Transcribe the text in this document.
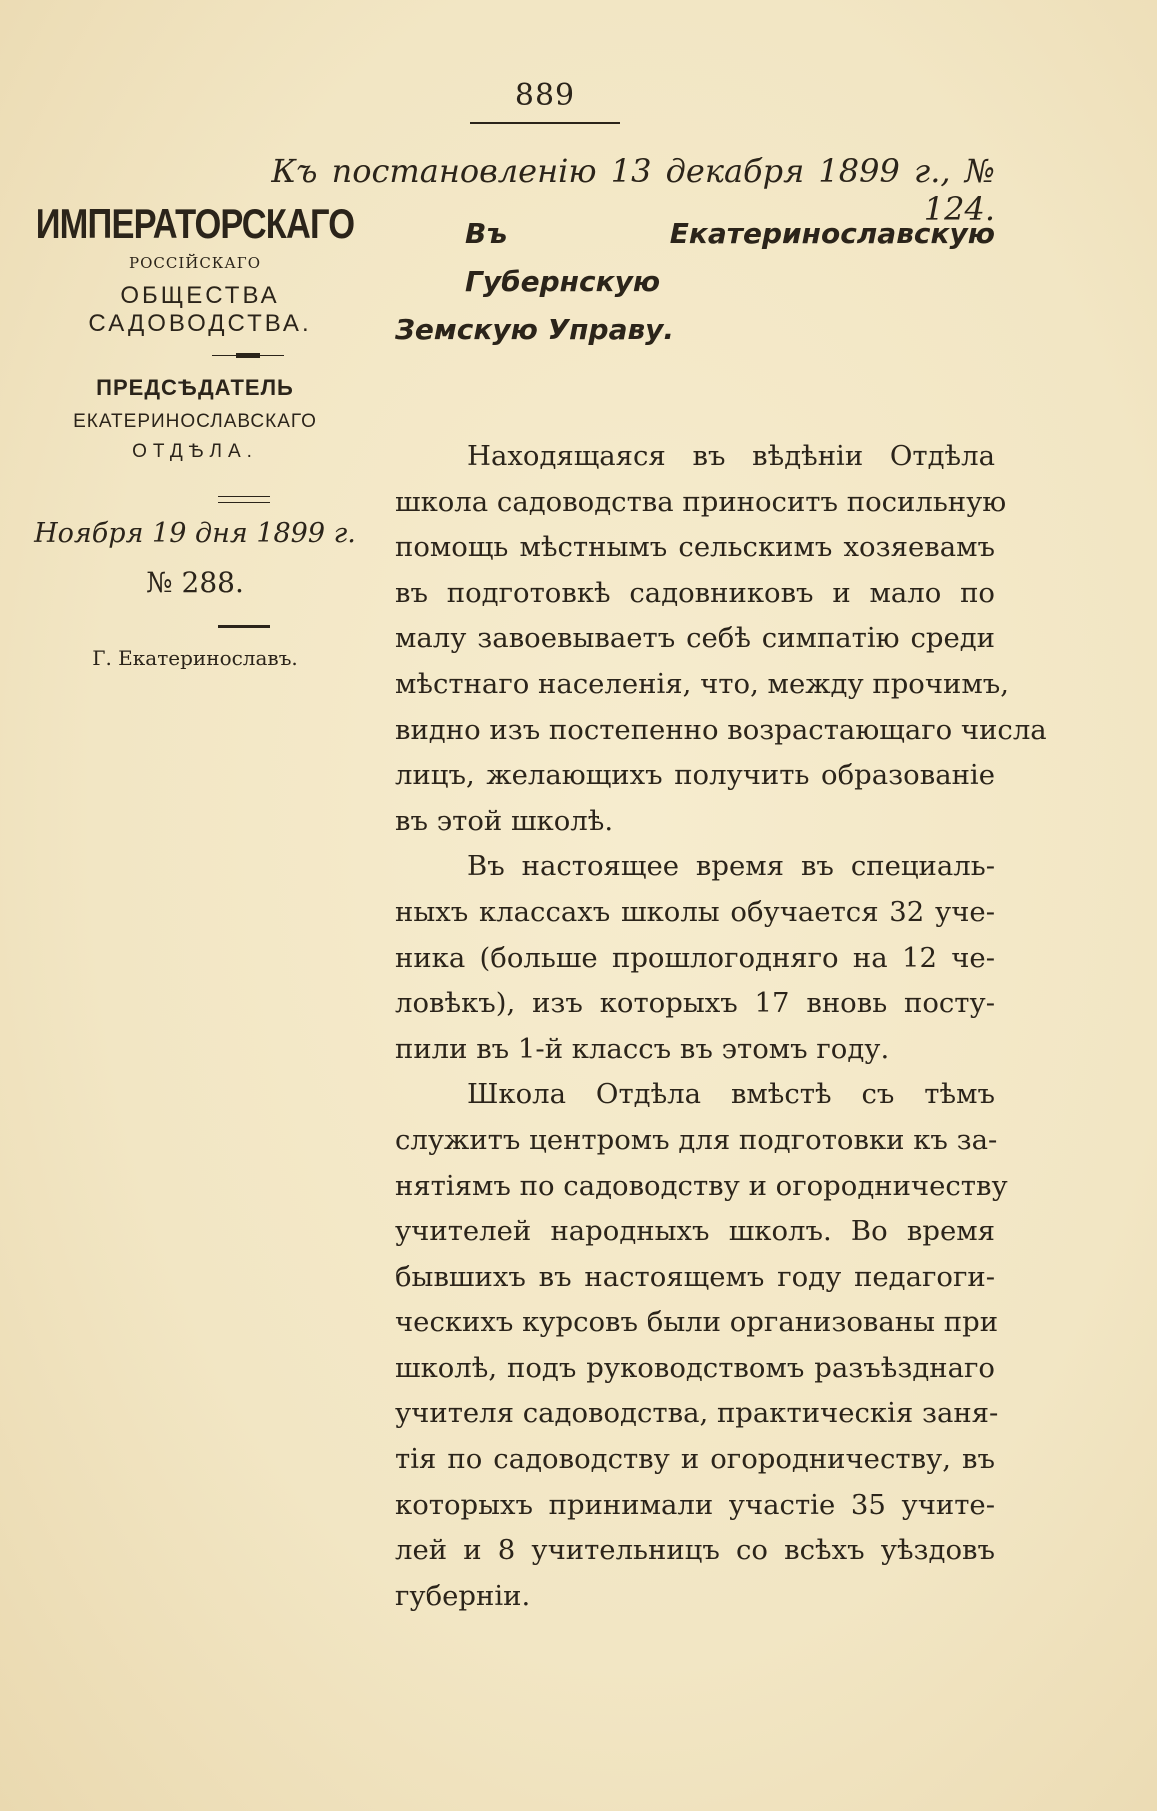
889
Къ постановленію 13 декабря 1899 г., № 124.
ИМПЕРАТОРСКАГО
РОССІЙСКАГО
ОБЩЕСТВА САДОВОДСТВА.
ПРЕДСѢДАТЕЛЬ
ЕКАТЕРИНОСЛАВСКАГО
ОТДѢЛА.
Ноября 19 дня 1899 г.
№ 288.
Г. Екатеринославъ.
Въ Екатеринославскую Губернскую
Земскую Управу.
Находящаяся въ вѣдѣніи Отдѣла
школа садоводства приноситъ посильную
помощь мѣстнымъ сельскимъ хозяевамъ
въ подготовкѣ садовниковъ и мало по
малу завоевываетъ себѣ симпатію среди
мѣстнаго населенія, что, между прочимъ,
видно изъ постепенно возрастающаго числа
лицъ, желающихъ получить образованіе
въ этой школѣ.
Въ настоящее время въ специаль-
ныхъ классахъ школы обучается 32 уче-
ника (больше прошлогодняго на 12 че-
ловѣкъ), изъ которыхъ 17 вновь посту-
пили въ 1-й классъ въ этомъ году.
Школа Отдѣла вмѣстѣ съ тѣмъ
служитъ центромъ для подготовки къ за-
нятіямъ по садоводству и огородничеству
учителей народныхъ школъ. Во время
бывшихъ въ настоящемъ году педагоги-
ческихъ курсовъ были организованы при
школѣ, подъ руководствомъ разъѣзднаго
учителя садоводства, практическія заня-
тія по садоводству и огородничеству, въ
которыхъ принимали участіе 35 учите-
лей и 8 учительницъ со всѣхъ уѣздовъ
губерніи.
